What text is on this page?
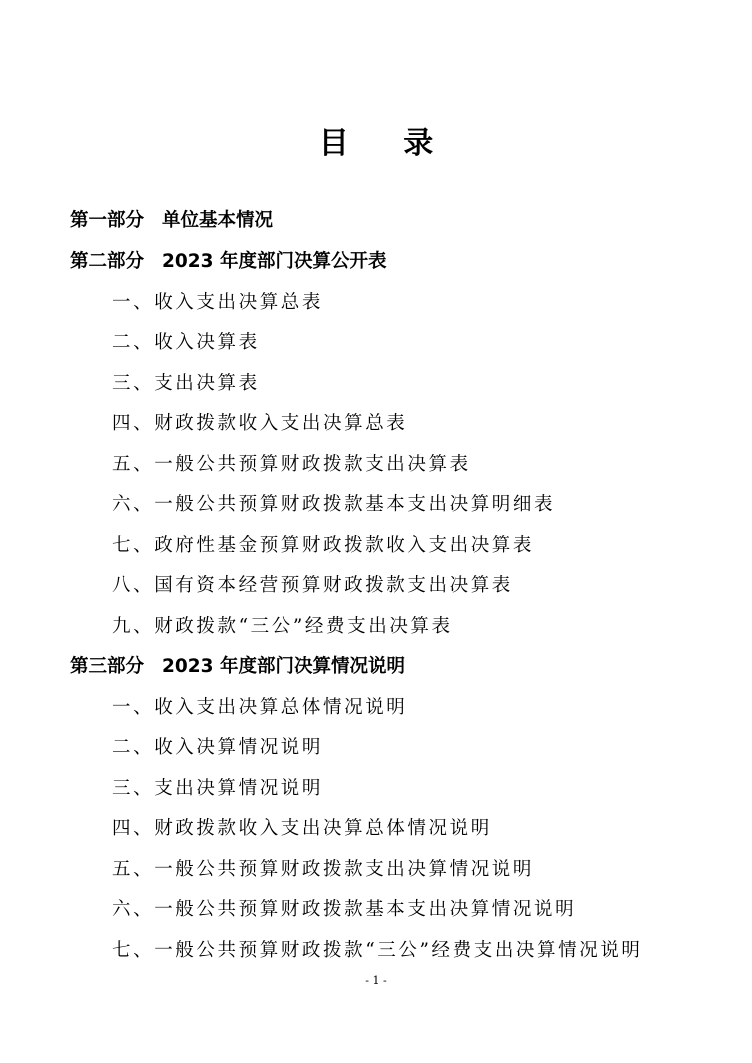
目 录
第一部分 单位基本情况
第二部分 2023 年度部门决算公开表
一、收入支出决算总表
二、收入决算表
三、支出决算表
四、财政拨款收入支出决算总表
五、一般公共预算财政拨款支出决算表
六、一般公共预算财政拨款基本支出决算明细表
七、政府性基金预算财政拨款收入支出决算表
八、国有资本经营预算财政拨款支出决算表
九、财政拨款“三公”经费支出决算表
第三部分 2023 年度部门决算情况说明
一、收入支出决算总体情况说明
二、收入决算情况说明
三、支出决算情况说明
四、财政拨款收入支出决算总体情况说明
五、一般公共预算财政拨款支出决算情况说明
六、一般公共预算财政拨款基本支出决算情况说明
七、一般公共预算财政拨款“三公”经费支出决算情况说明
- 1 -
